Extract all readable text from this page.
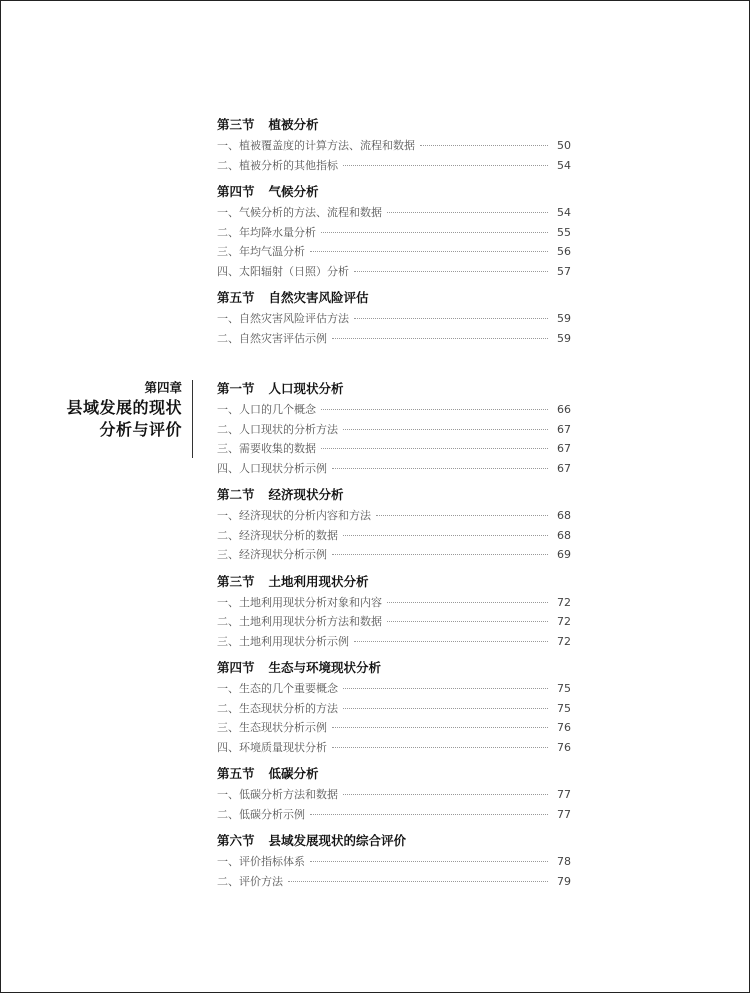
第四章
县域发展的现状
分析与评价
第三节 植被分析
一、植被覆盖度的计算方法、流程和数据	50
二、植被分析的其他指标	54
第四节 气候分析
一、气候分析的方法、流程和数据	54
二、年均降水量分析	55
三、年均气温分析	56
四、太阳辐射（日照）分析	57
第五节 自然灾害风险评估
一、自然灾害风险评估方法	59
二、自然灾害评估示例	59
第一节 人口现状分析
一、人口的几个概念	66
二、人口现状的分析方法	67
三、需要收集的数据	67
四、人口现状分析示例	67
第二节 经济现状分析
一、经济现状的分析内容和方法	68
二、经济现状分析的数据	68
三、经济现状分析示例	69
第三节 土地利用现状分析
一、土地利用现状分析对象和内容	72
二、土地利用现状分析方法和数据	72
三、土地利用现状分析示例	72
第四节 生态与环境现状分析
一、生态的几个重要概念	75
二、生态现状分析的方法	75
三、生态现状分析示例	76
四、环境质量现状分析	76
第五节 低碳分析
一、低碳分析方法和数据	77
二、低碳分析示例	77
第六节 县域发展现状的综合评价
一、评价指标体系	78
二、评价方法	79
